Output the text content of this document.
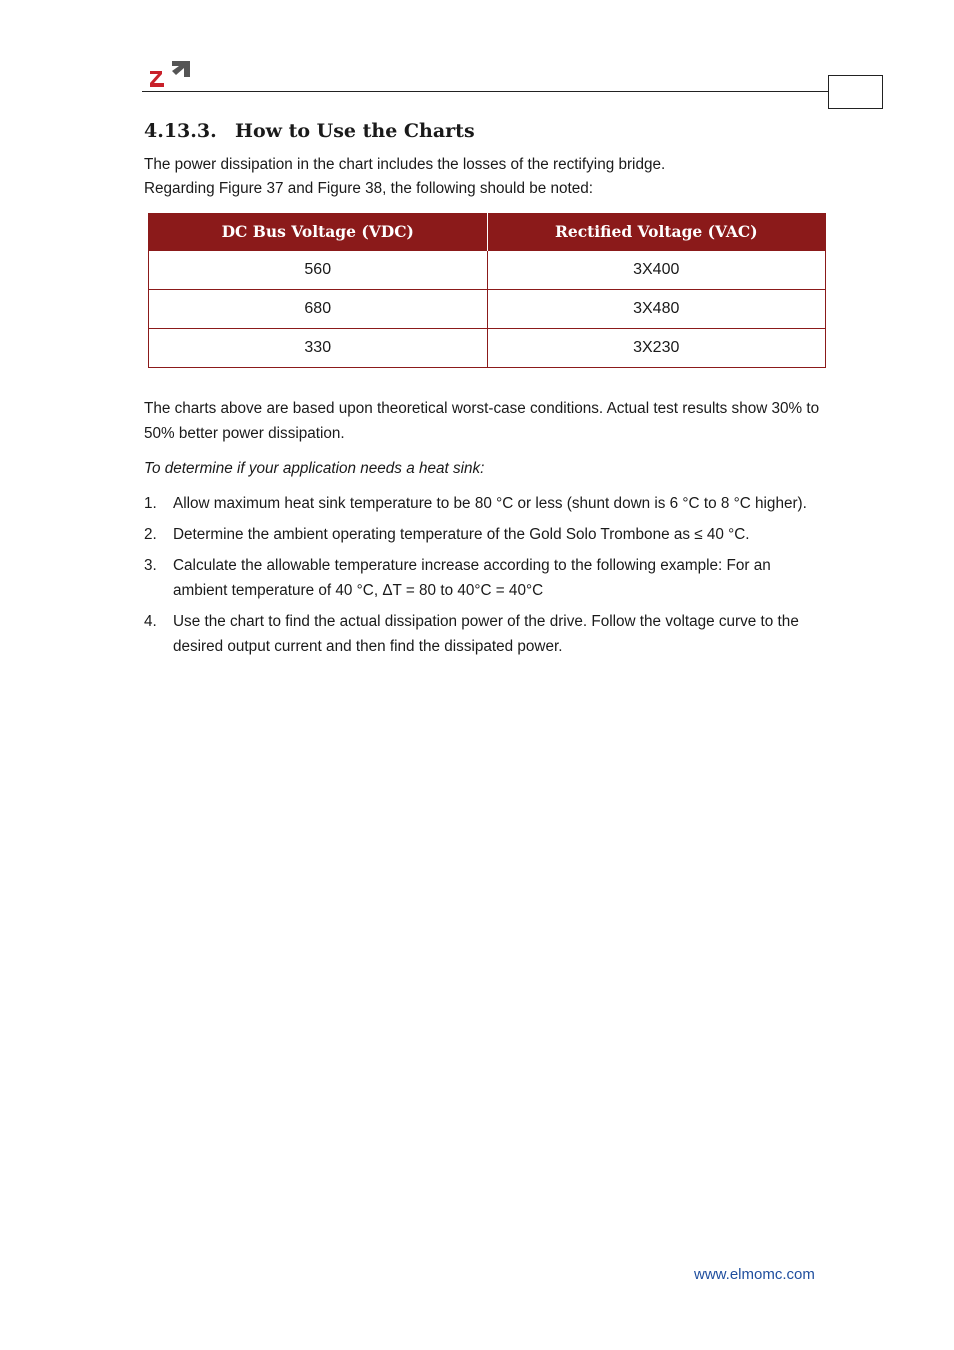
4.13.3. How to Use the Charts

The power dissipation in the chart includes the losses of the rectifying bridge.

Regarding Figure 37 and Figure 38, the following should be noted:

DC Bus Voltage (VDC)	Rectified Voltage (VAC)
560	3X400
680	3X480
330	3X230

The charts above are based upon theoretical worst-case conditions. Actual test results show 30% to 50% better power dissipation.

To determine if your application needs a heat sink:

1. Allow maximum heat sink temperature to be 80 °C or less (shunt down is 6 °C to 8 °C higher).
2. Determine the ambient operating temperature of the Gold Solo Trombone as ≤ 40 °C.
3. Calculate the allowable temperature increase according to the following example: For an ambient temperature of 40 °C, ΔT = 80 to 40°C = 40°C
4. Use the chart to find the actual dissipation power of the drive. Follow the voltage curve to the desired output current and then find the dissipated power.
www.elmomc.com
